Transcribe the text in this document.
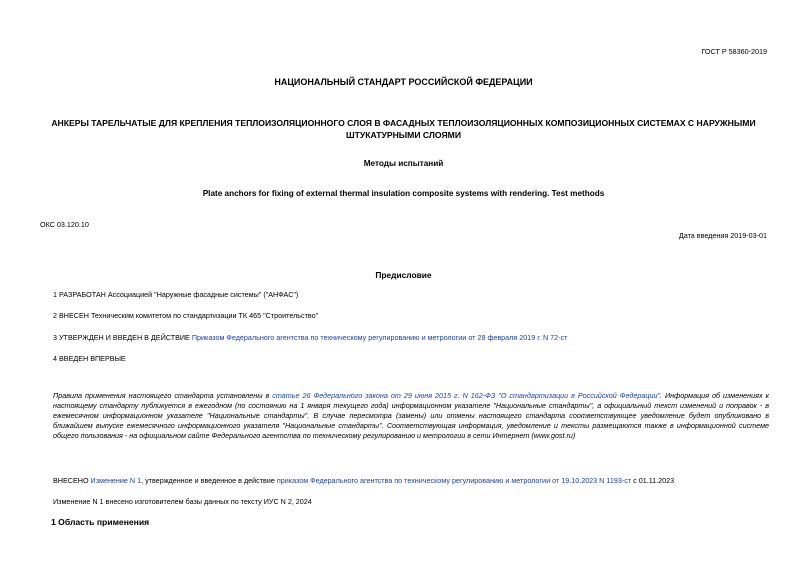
ГОСТ Р 58360-2019
НАЦИОНАЛЬНЫЙ СТАНДАРТ РОССИЙСКОЙ ФЕДЕРАЦИИ
АНКЕРЫ ТАРЕЛЬЧАТЫЕ ДЛЯ КРЕПЛЕНИЯ ТЕПЛОИЗОЛЯЦИОННОГО СЛОЯ В ФАСАДНЫХ ТЕПЛОИЗОЛЯЦИОННЫХ КОМПОЗИЦИОННЫХ СИСТЕМАХ С НАРУЖНЫМИ
ШТУКАТУРНЫМИ СЛОЯМИ
Методы испытаний
Plate anchors for fixing of external thermal insulation composite systems with rendering. Test methods
ОКС 03.120.10
Дата введения 2019-03-01
Предисловие
1 РАЗРАБОТАН Ассоциацией "Наружные фасадные системы" ("АНФАС")
2 ВНЕСЕН Техническим комитетом по стандартизации ТК 465 "Строительство"
3 УТВЕРЖДЕН И ВВЕДЕН В ДЕЙСТВИЕ Приказом Федерального агентства по техническому регулированию и метрологии от 28 февраля 2019 г. N 72-ст
4 ВВЕДЕН ВПЕРВЫЕ
Правила применения настоящего стандарта установлены в статье 26 Федерального закона от 29 июня 2015 г. N 162-ФЗ "О стандартизации в Российской Федерации". Информация об изменениях к настоящему стандарту публикуется в ежегодном (по состоянию на 1 января текущего года) информационном указателе "Национальные стандарты", а официальный текст изменений и поправок - в ежемесячном информационном указателе "Национальные стандарты". В случае пересмотра (замены) или отмены настоящего стандарта соответствующее уведомление будет опубликовано в ближайшем выпуске ежемесячного информационного указателя "Национальные стандарты". Соответствующая информация, уведомление и тексты размещаются также в информационной системе общего пользования - на официальном сайте Федерального агентства по техническому регулированию и метрологии в сети Интернет (www.gost.ru)
ВНЕСЕНО Изменение N 1, утвержденное и введенное в действие приказом Федерального агентства по техническому регулированию и метрологии от 19.10.2023 N 1193-ст с 01.11.2023
Изменение N 1 внесено изготовителем базы данных по тексту ИУС N 2, 2024
1 Область применения
